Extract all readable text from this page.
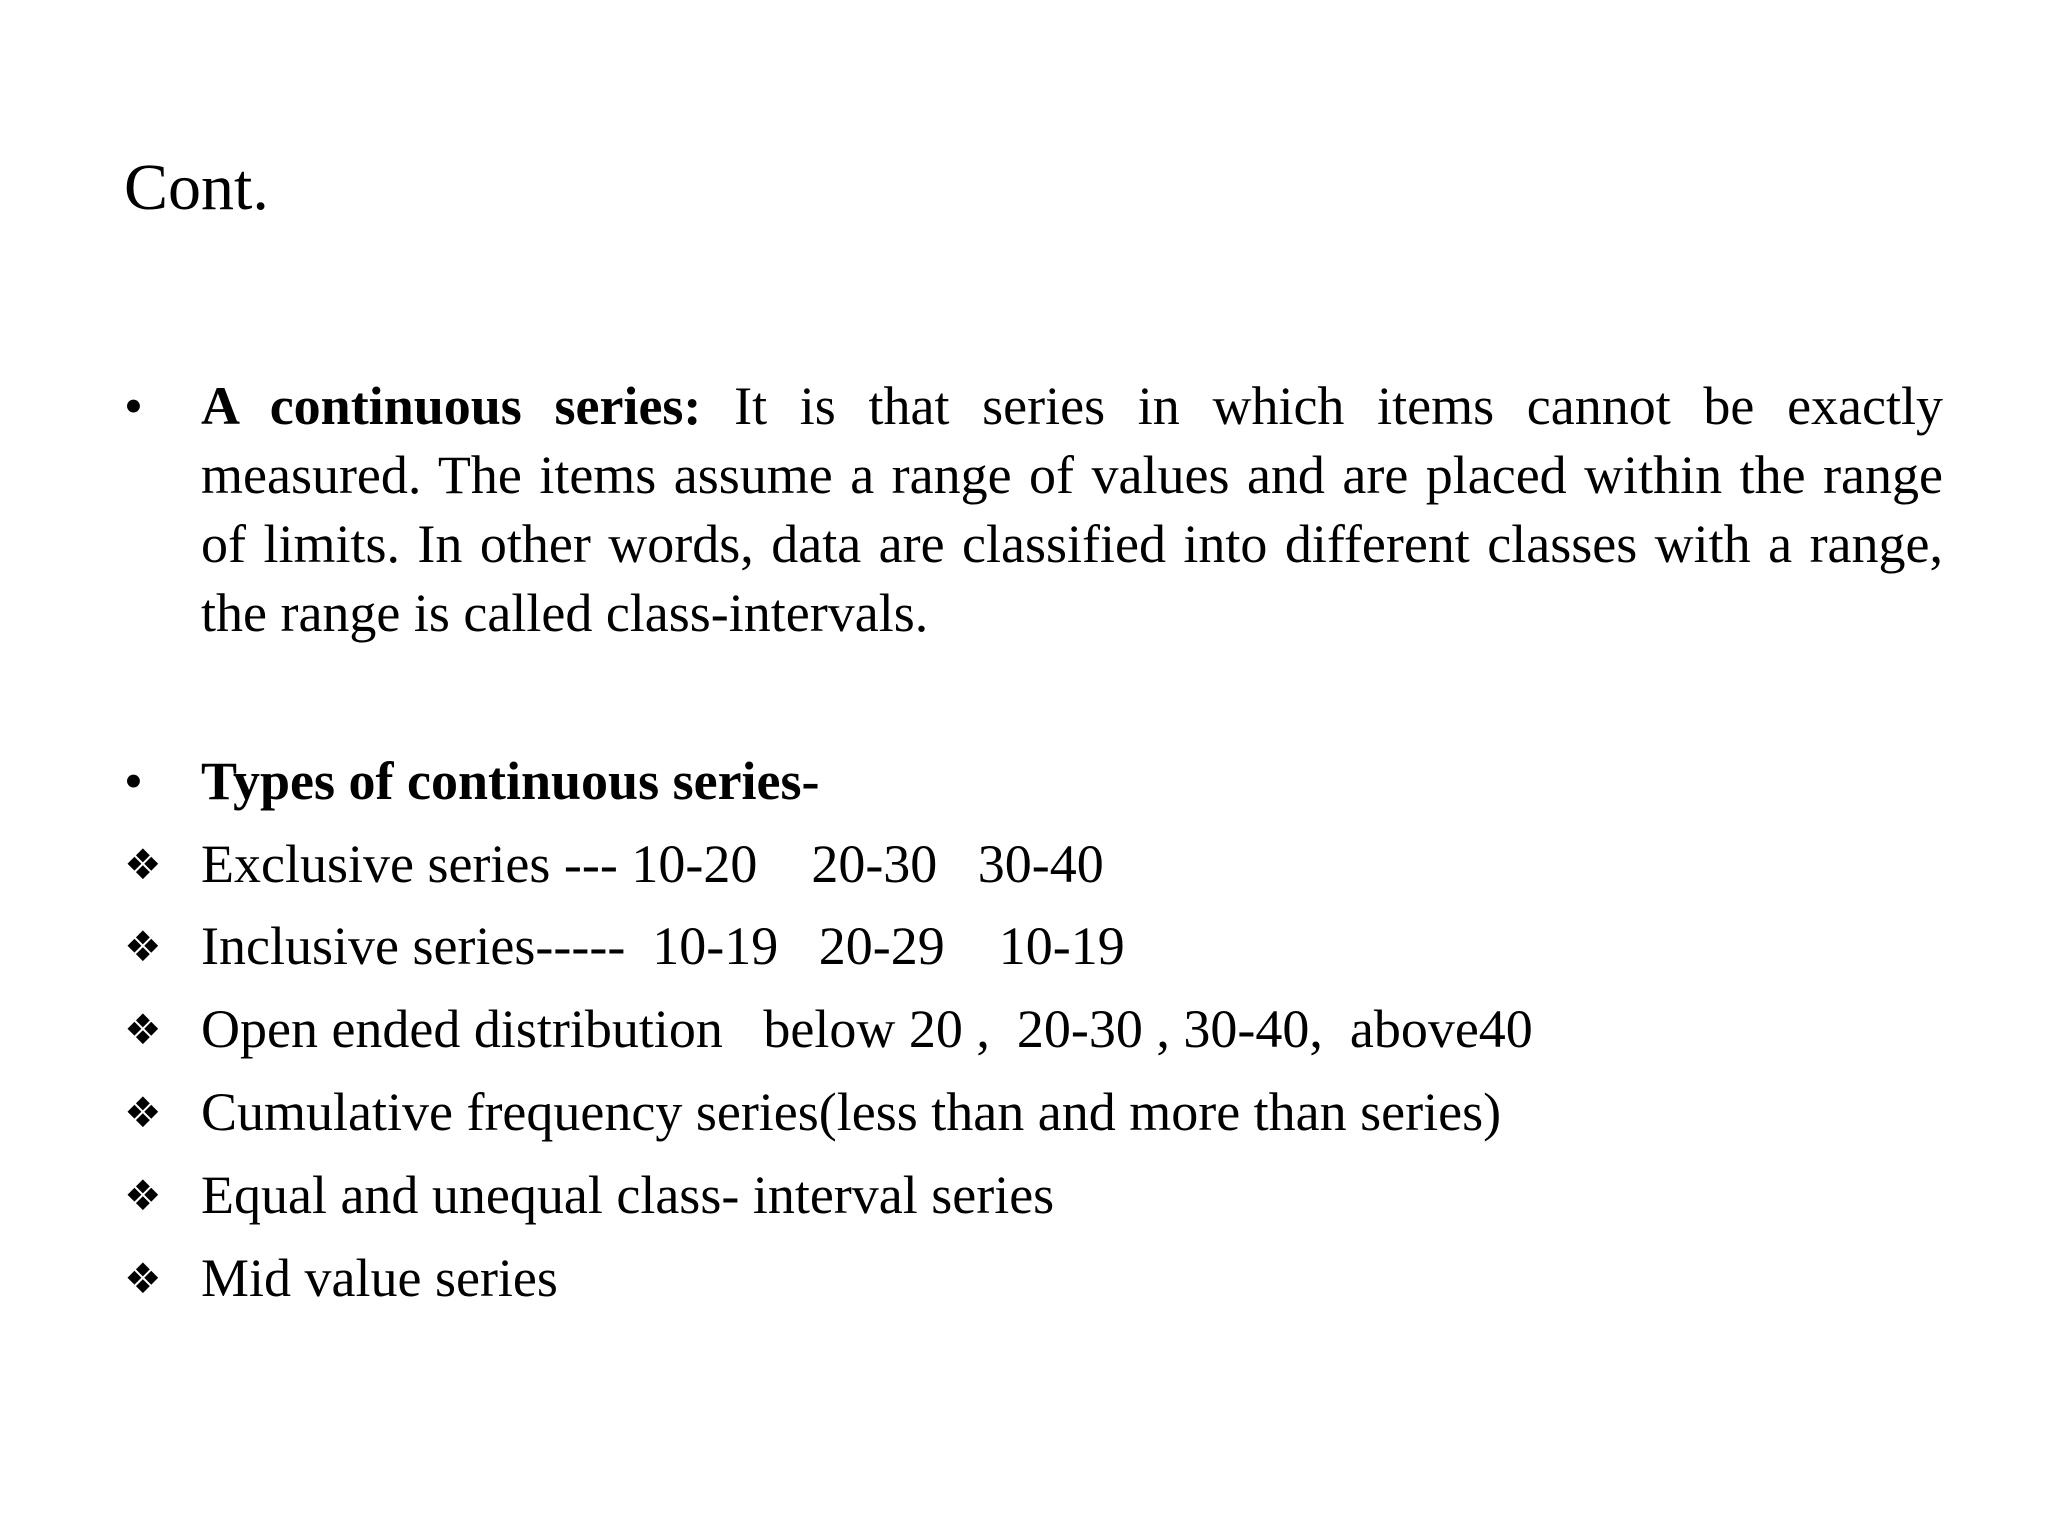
Cont.
•	A continuous series: It is that series in which items cannot be exactly measured. The items assume a range of values and are placed within the range of limits. In other words, data are classified into different classes with a range, the range is called class-intervals.
•	Types of continuous series-
❖ Exclusive series --- 10-20    20-30   30-40
❖ Inclusive series-----  10-19   20-29    10-19
❖ Open ended distribution   below 20 ,  20-30 , 30-40,  above40
❖ Cumulative frequency series(less than and more than series)
❖ Equal and unequal class- interval series
❖ Mid value series
